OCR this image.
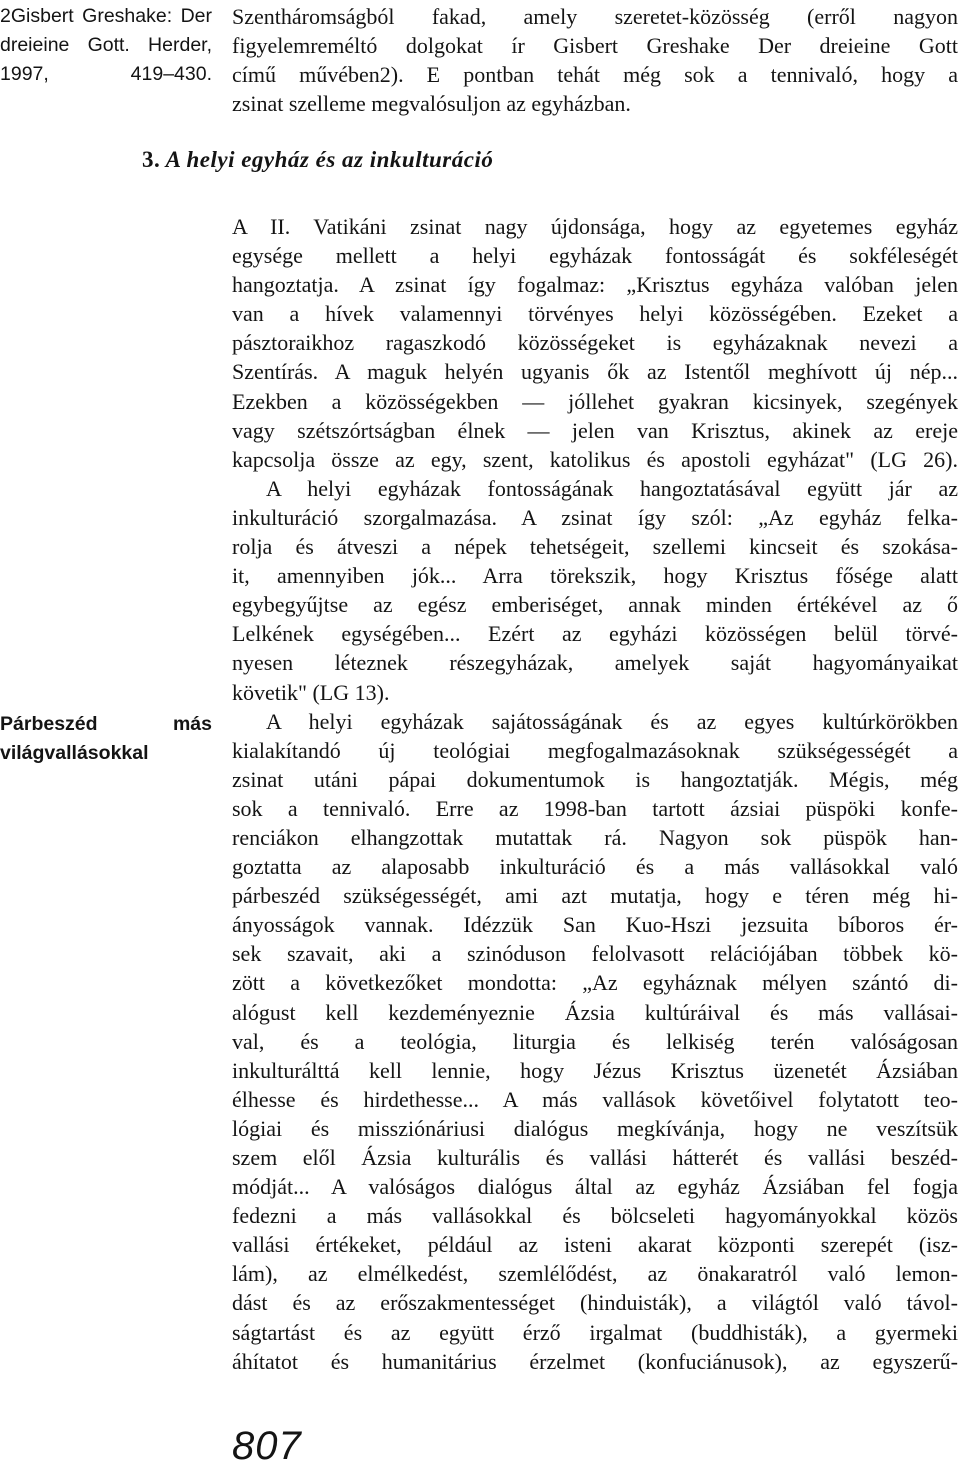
2Gisbert Greshake: Der
dreieine Gott. Herder,
1997, 419–430.
Párbeszéd más
világvallásokkal
Szentháromságból fakad, amely szeretet-közösség (erről nagyon
figyelemreméltó dolgokat ír Gisbert Greshake Der dreieine Gott
című művében2). E pontban tehát még sok a tennivaló, hogy a
zsinat szelleme megvalósuljon az egyházban.
3. A helyi egyház és az inkulturáció
A II. Vatikáni zsinat nagy újdonsága, hogy az egyetemes egyház
egysége mellett a helyi egyházak fontosságát és sokféleségét
hangoztatja. A zsinat így fogalmaz: „Krisztus egyháza valóban jelen
van a hívek valamennyi törvényes helyi közösségében. Ezeket a
pásztoraikhoz ragaszkodó közösségeket is egyházaknak nevezi a
Szentírás. A maguk helyén ugyanis ők az Istentől meghívott új nép...
Ezekben a közösségekben — jóllehet gyakran kicsinyek, szegények
vagy szétszórtságban élnek — jelen van Krisztus, akinek az ereje
kapcsolja össze az egy, szent, katolikus és apostoli egyházat" (LG 26).
A helyi egyházak fontosságának hangoztatásával együtt jár az
inkulturáció szorgalmazása. A zsinat így szól: „Az egyház felka-
rolja és átveszi a népek tehetségeit, szellemi kincseit és szokása-
it, amennyiben jók... Arra törekszik, hogy Krisztus fősége alatt
egybegyűjtse az egész emberiséget, annak minden értékével az ő
Lelkének egységében... Ezért az egyházi közösségen belül törvé-
nyesen léteznek részegyházak, amelyek saját hagyományaikat
követik" (LG 13).
A helyi egyházak sajátosságának és az egyes kultúrkörökben
kialakítandó új teológiai megfogalmazásoknak szükségességét a
zsinat utáni pápai dokumentumok is hangoztatják. Mégis, még
sok a tennivaló. Erre az 1998-ban tartott ázsiai püspöki konfe-
renciákon elhangzottak mutattak rá. Nagyon sok püspök han-
goztatta az alaposabb inkulturáció és a más vallásokkal való
párbeszéd szükségességét, ami azt mutatja, hogy e téren még hi-
ányosságok vannak. Idézzük San Kuo-Hszi jezsuita bíboros ér-
sek szavait, aki a szinóduson felolvasott relációjában többek kö-
zött a következőket mondotta: „Az egyháznak mélyen szántó di-
alógust kell kezdeményeznie Ázsia kultúráival és más vallásai-
val, és a teológia, liturgia és lelkiség terén valóságosan
inkulturálttá kell lennie, hogy Jézus Krisztus üzenetét Ázsiában
élhesse és hirdethesse... A más vallások követőivel folytatott teo-
lógiai és missziónáriusi dialógus megkívánja, hogy ne veszítsük
szem elől Ázsia kulturális és vallási hátterét és vallási beszéd-
módját... A valóságos dialógus által az egyház Ázsiában fel fogja
fedezni a más vallásokkal és bölcseleti hagyományokkal közös
vallási értékeket, például az isteni akarat központi szerepét (isz-
lám), az elmélkedést, szemlélődést, az önakaratról való lemon-
dást és az erőszakmentességet (hinduisták), a világtól való távol-
ságtartást és az együtt érző irgalmat (buddhisták), a gyermeki
áhítatot és humanitárius érzelmet (konfuciánusok), az egyszerű-
807
